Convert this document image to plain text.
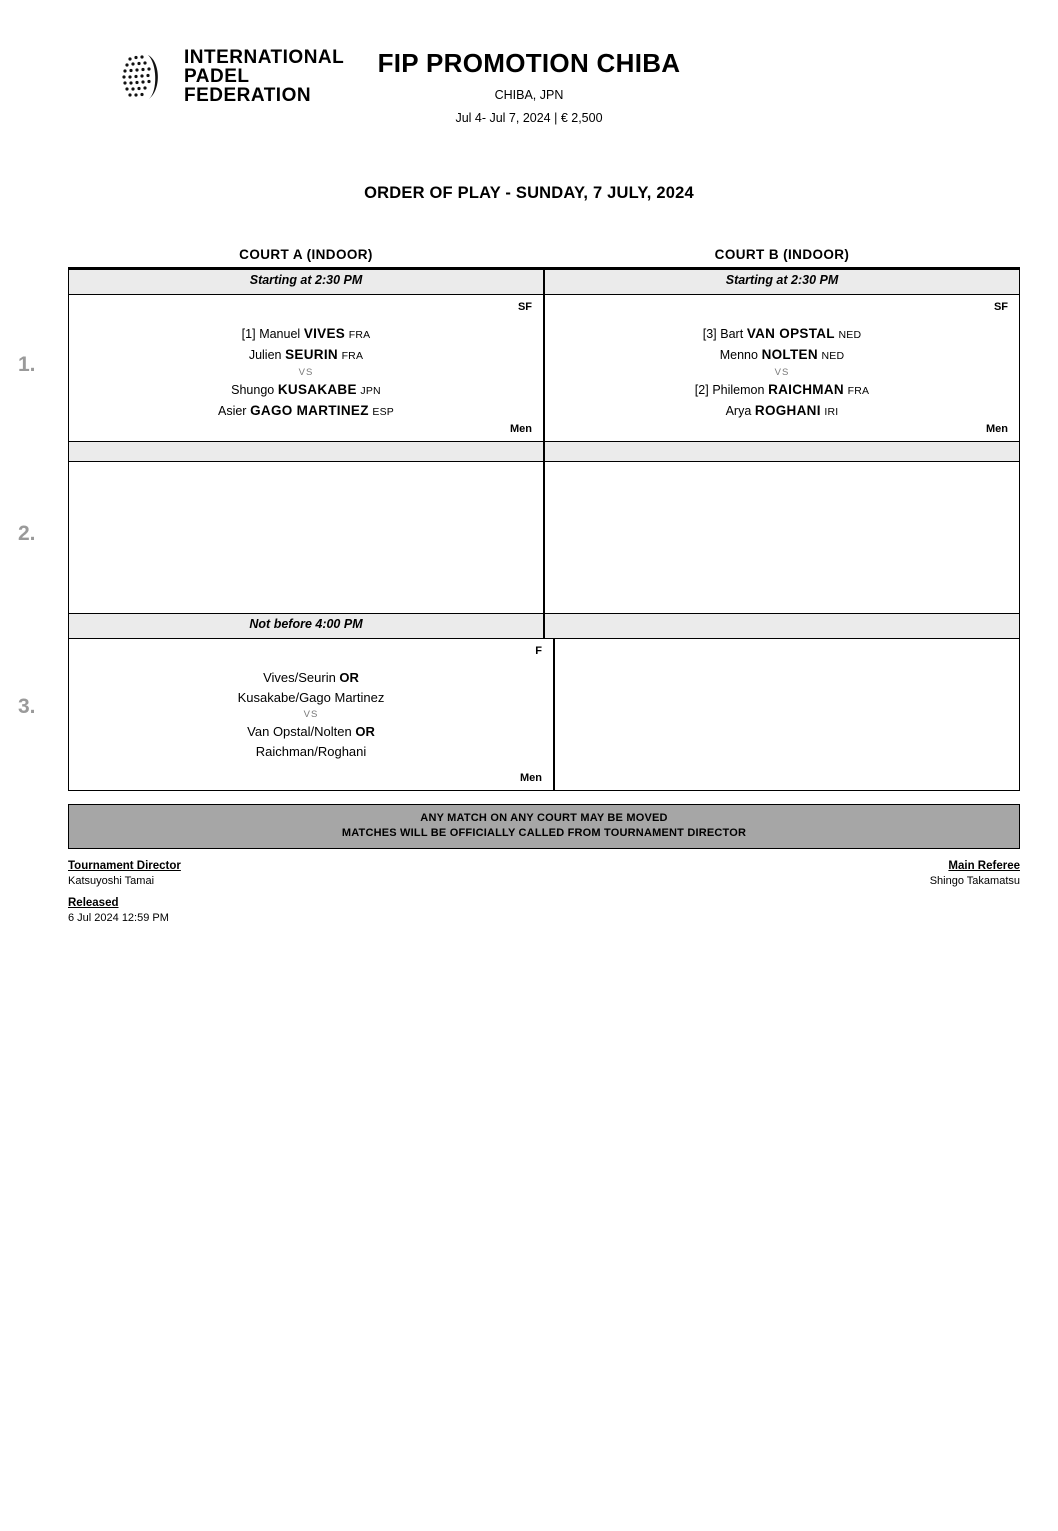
INTERNATIONAL
PADEL
FEDERATION
FIP PROMOTION CHIBA
CHIBA, JPN
Jul 4- Jul 7, 2024 | € 2,500
ORDER OF PLAY - SUNDAY, 7 JULY, 2024
COURT A (INDOOR)	COURT B (INDOOR)
Starting at 2:30 PM	Starting at 2:30 PM
1.
SF
[1] Manuel VIVES FRA
Julien SEURIN FRA
VS
Shungo KUSAKABE JPN
Asier GAGO MARTINEZ ESP
Men
SF
[3] Bart VAN OPSTAL NED
Menno NOLTEN NED
VS
[2] Philemon RAICHMAN FRA
Arya ROGHANI IRI
Men
2.
Not before 4:00 PM
3.
F
Vives/Seurin OR
Kusakabe/Gago Martinez
VS
Van Opstal/Nolten OR
Raichman/Roghani
Men
ANY MATCH ON ANY COURT MAY BE MOVED
MATCHES WILL BE OFFICIALLY CALLED FROM TOURNAMENT DIRECTOR
Tournament Director
Katsuyoshi Tamai
Released
6 Jul 2024 12:59 PM
Main Referee
Shingo Takamatsu
